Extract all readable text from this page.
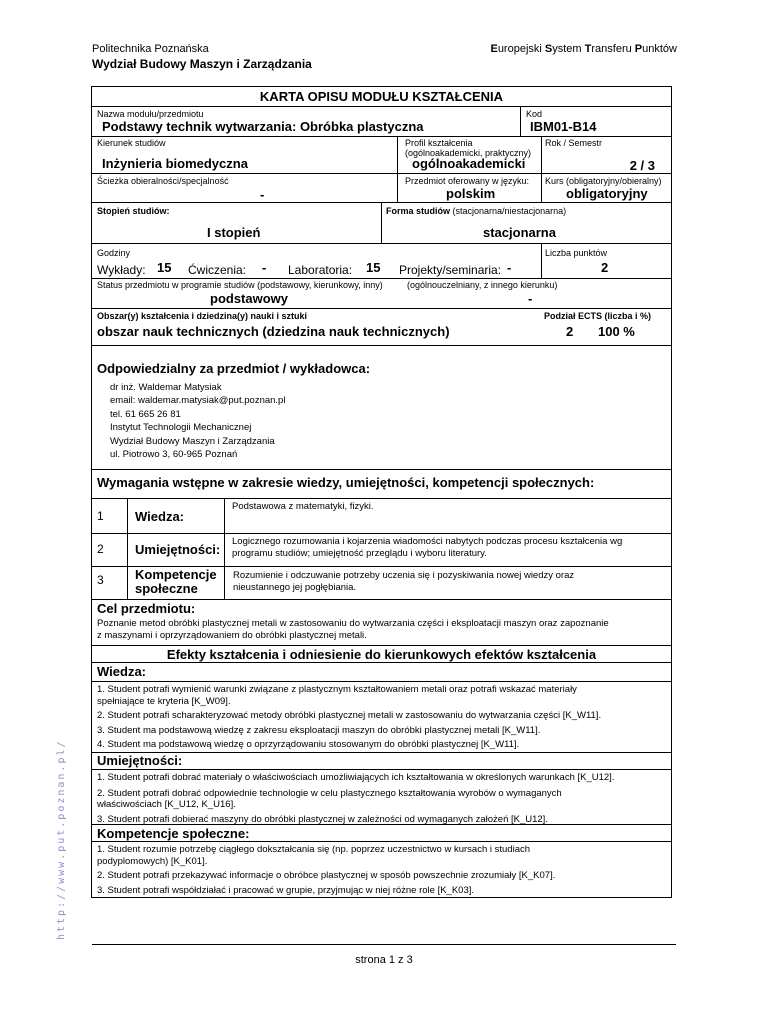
Politechnika Poznańska
Wydział Budowy Maszyn i Zarządzania
Europejski System Transferu Punktów
http://www.put.poznan.pl/
KARTA OPISU MODUŁU KSZTAŁCENIA
Nazwa modułu/przedmiotu
Podstawy technik wytwarzania: Obróbka plastyczna
Kod
IBM01-B14
Kierunek studiów
Inżynieria biomedyczna
Profil kształcenia
(ogólnoakademicki, praktyczny)
ogólnoakademicki
Rok / Semestr
2 / 3
Ścieżka obieralności/specjalność
-
Przedmiot oferowany w języku:
polskim
Kurs (obligatoryjny/obieralny)
obligatoryjny
Stopień studiów:
I stopień
Forma studiów (stacjonarna/niestacjonarna)
stacjonarna
Godziny
Wykłady: 15 Ćwiczenia: - Laboratoria: 15 Projekty/seminaria: -
Liczba punktów
2
Status przedmiotu w programie studiów (podstawowy, kierunkowy, inny)	(ogólnouczelniany, z innego kierunku)
podstawowy	-
Obszar(y) kształcenia i dziedzina(y) nauki i sztuki	Podział ECTS (liczba i %)
obszar nauk technicznych (dziedzina nauk technicznych)	2 100 %
Odpowiedzialny za przedmiot / wykładowca:
dr inż. Waldemar Matysiak
email: waldemar.matysiak@put.poznan.pl
tel. 61 665 26 81
Instytut Technologii Mechanicznej
Wydział Budowy Maszyn i Zarządzania
ul. Piotrowo 3, 60-965 Poznań
Wymagania wstępne w zakresie wiedzy, umiejętności, kompetencji społecznych:
1 Wiedza:
Podstawowa z matematyki, fizyki.
2 Umiejętności:
Logicznego rozumowania i kojarzenia wiadomości nabytych podczas procesu kształcenia wg
programu studiów; umiejętność przeglądu i wyboru literatury.
3 Kompetencje
społeczne
Rozumienie i odczuwanie potrzeby uczenia się i pozyskiwania nowej wiedzy oraz
nieustannego jej pogłębiania.
Cel przedmiotu:
Poznanie metod obróbki plastycznej metali w zastosowaniu do wytwarzania części i eksploatacji maszyn oraz zapoznanie
z maszynami i oprzyrządowaniem do obróbki plastycznej metali.
Efekty kształcenia i odniesienie do kierunkowych efektów kształcenia
Wiedza:
1. Student potrafi wymienić warunki związane z plastycznym kształtowaniem metali oraz potrafi wskazać materiały
spełniające te kryteria [K_W09].
2. Student potrafi scharakteryzować metody obróbki plastycznej metali w zastosowaniu do wytwarzania części [K_W11].
3. Student ma podstawową wiedzę z zakresu eksploatacji maszyn do obróbki plastycznej metali [K_W11].
4. Student ma podstawową wiedzę o oprzyrządowaniu stosowanym do obróbki plastycznej [K_W11].
Umiejętności:
1. Student potrafi dobrać materiały o właściwościach umożliwiających ich kształtowania w określonych warunkach [K_U12].
2. Student potrafi dobrać odpowiednie technologie w celu plastycznego kształtowania wyrobów o wymaganych
właściwościach [K_U12, K_U16].
3. Student potrafi dobierać maszyny do obróbki plastycznej w zależności od wymaganych założeń [K_U12].
Kompetencje społeczne:
1. Student rozumie potrzebę ciągłego dokształcania się (np. poprzez uczestnictwo w kursach i studiach
podyplomowych) [K_K01].
2. Student potrafi przekazywać informacje o obróbce plastycznej w sposób powszechnie zrozumiały [K_K07].
3. Student potrafi współdziałać i pracować w grupie, przyjmując w niej różne role [K_K03].
strona 1 z 3
